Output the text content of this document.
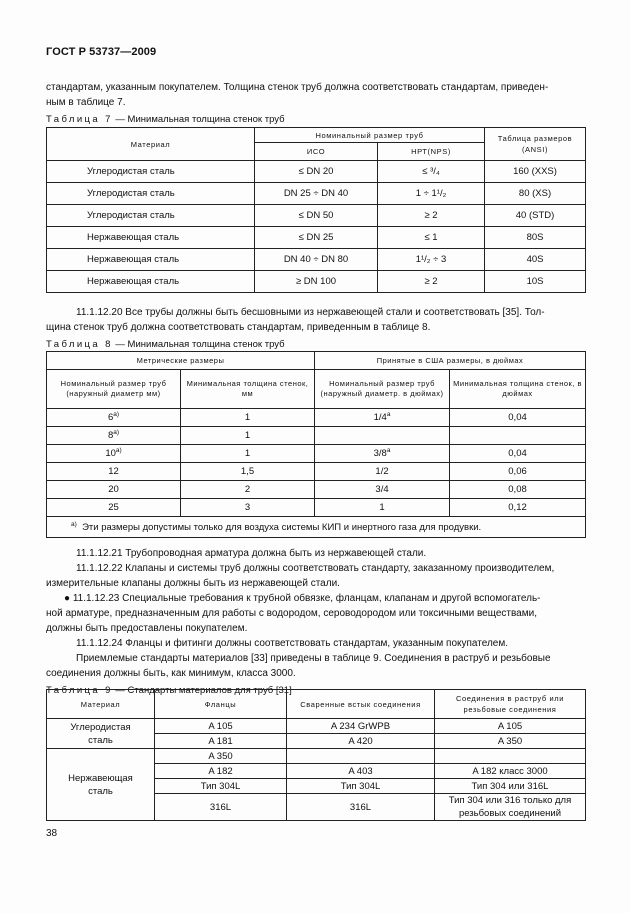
ГОСТ Р 53737—2009
стандартам, указанным покупателем. Толщина стенок труб должна соответствовать стандартам, приведен-
ным в таблице 7.
Таблица 7 — Минимальная толщина стенок труб
Материал	Номинальный размер труб		Таблица размеров (ANSI)
	ИСО	НРТ(NPS)	
Углеродистая сталь	≤ DN 20	≤ ³/₄	160 (XXS)
Углеродистая сталь	DN 25 ÷ DN 40	1 ÷ 1¹/₂	80 (XS)
Углеродистая сталь	≤ DN 50	≥ 2	40 (STD)
Нержавеющая сталь	≤ DN 25	≤ 1	80S
Нержавеющая сталь	DN 40 ÷ DN 80	1¹/₂ ÷ 3	40S
Нержавеющая сталь	≥ DN 100	≥ 2	10S
11.1.12.20 Все трубы должны быть бесшовными из нержавеющей стали и соответствовать [35]. Тол-
щина стенок труб должна соответствовать стандартам, приведенным в таблице 8.
Таблица 8 — Минимальная толщина стенок труб
Метрические размеры		Принятые в США размеры, в дюймах	
Номинальный размер труб (наружный диаметр мм)	Минимальная толщина стенок, мм	Номинальный размер труб (наружный диаметр. в дюймах)	Минимальная толщина стенок, в дюймах
6$^{a)}$	1	1/4$^a$	0,04
8$^{a)}$	1		
10$^{a)}$	1	3/8$^a$	0,04
12	1,5	1/2	0,06
20	2	3/4	0,08
25	3	1	0,12
$^{a)}$ Эти размеры допустимы только для воздуха системы КИП и инертного газа для продувки.			
11.1.12.21 Трубопроводная арматура должна быть из нержавеющей стали.
11.1.12.22 Клапаны и системы труб должны соответствовать стандарту, заказанному производителем,
измерительные клапаны должны быть из нержавеющей стали.
● 11.1.12.23 Специальные требования к трубной обвязке, фланцам, клапанам и другой вспомогатель-
ной арматуре, предназначенным для работы с водородом, сероводородом или токсичными веществами,
должны быть предоставлены покупателем.
11.1.12.24 Фланцы и фитинги должны соответствовать стандартам, указанным покупателем.
Приемлемые стандарты материалов [33] приведены в таблице 9. Соединения в раструб и резьбовые
соединения должны быть, как минимум, класса 3000.
Таблица 9 — Стандарты материалов для труб [31]
Материал	Фланцы	Сваренные встык соединения	Соединения в раструб или резьбовые соединения
Углеродистая
сталь	A 105	A 234 GrWPB	A 105
	A 181	A 420	A 350
Нержавеющая
сталь	A 350		
	A 182	A 403	A 182 класс 3000
	Тип 304L	Тип 304L	Тип 304 или 316L
	316L	316L	Тип 304 или 316 только для резьбовых соединений
38
